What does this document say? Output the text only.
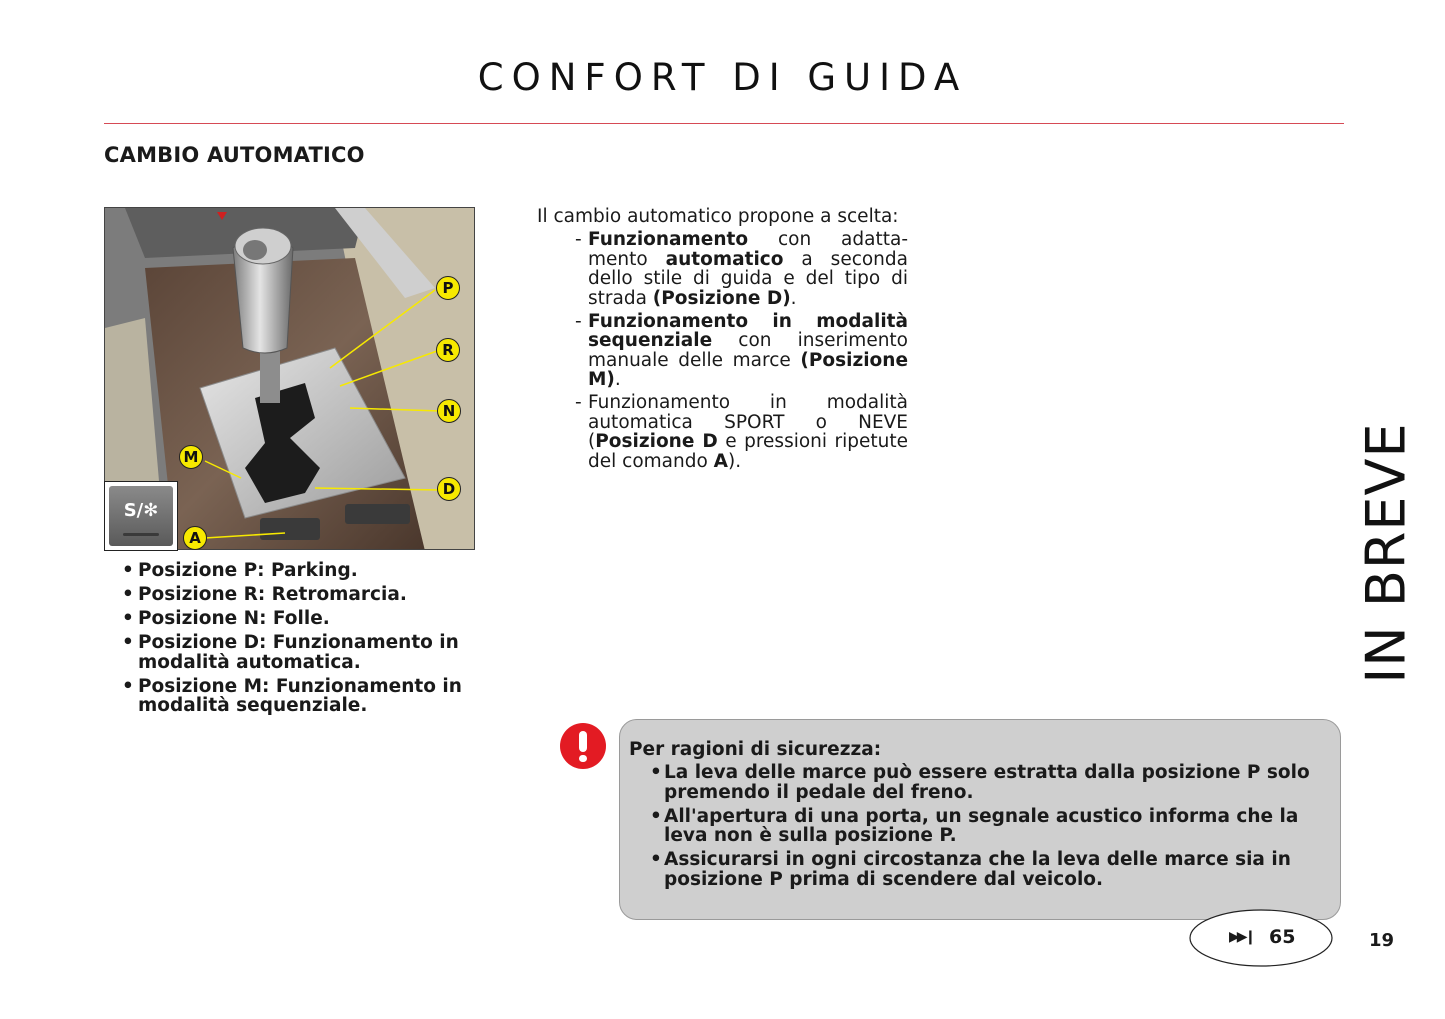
CONFORT DI GUIDA
CAMBIO AUTOMATICO
P
R
N
D
M
S/✻
A
• Posizione P: Parking.
• Posizione R: Retromarcia.
• Posizione N: Folle.
• Posizione D: Funzionamento in modalità automatica.
• Posizione M: Funzionamento in modalità sequenziale.

Il cambio automatico propone a scelta:

- Funzionamento con adattamento automatico a seconda dello stile di guida e del tipo di strada (Posizione D).
- Funzionamento in modalità sequenziale con inserimento manuale delle marce (Posizione M).
- Funzionamento in modalità automatica SPORT o NEVE (Posizione D e pressioni ripetute del comando A).	IN BREVE
Per ragioni di sicurezza:
• La leva delle marce può essere estratta dalla posizione P solo premendo il pedale del freno.
• All'apertura di una porta, un segnale acustico informa che la leva non è sulla posizione P.
• Assicurarsi in ogni circostanza che la leva delle marce sia in posizione P prima di scendere dal veicolo.
▶▶❙ 65	19
